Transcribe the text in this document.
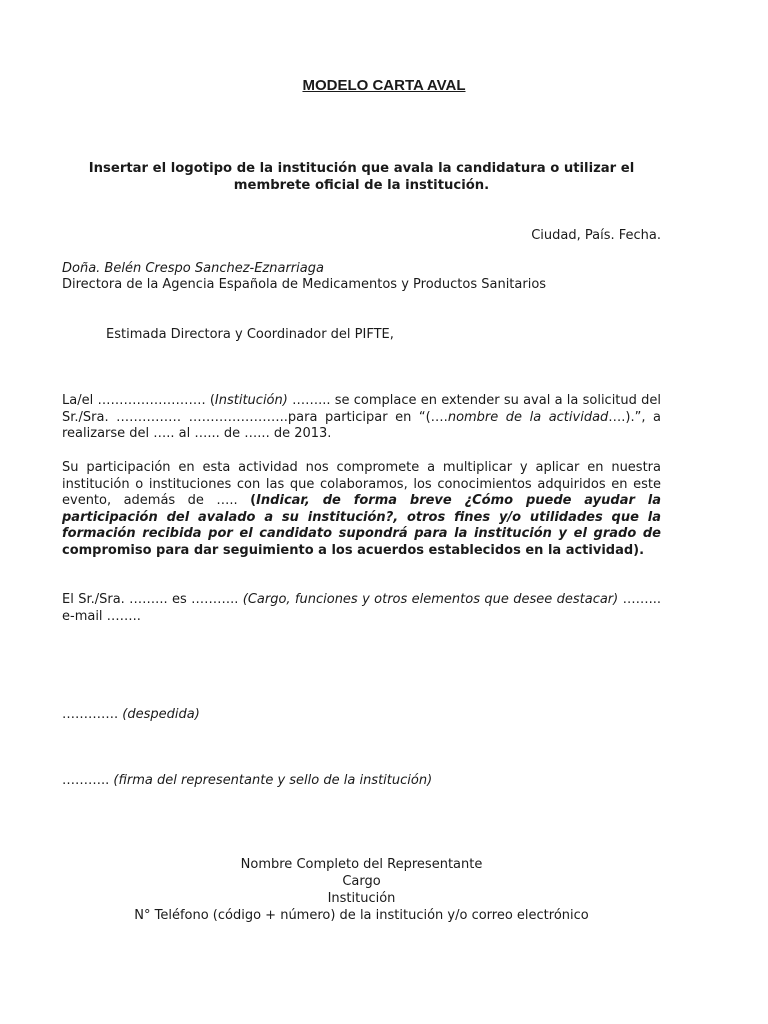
MODELO CARTA AVAL
Insertar el logotipo de la institución que avala la candidatura o utilizar el membrete oficial de la institución.
Ciudad, País. Fecha.
Doña. Belén Crespo Sanchez-Eznarriaga
Directora de la Agencia Española de Medicamentos y Productos Sanitarios
Estimada Directora y Coordinador del PIFTE,
La/el ……………………. (Institución) ……... se complace en extender su aval a la solicitud del Sr./Sra. …………… …………………..para participar en “(….nombre de la actividad….).”, a realizarse del ….. al …... de …... de 2013.
Su participación en esta actividad nos compromete a multiplicar y aplicar en nuestra institución o instituciones con las que colaboramos, los conocimientos adquiridos en este evento, además de ….. (Indicar, de forma breve ¿Cómo puede ayudar la participación del avalado a su institución?, otros fines y/o utilidades que la formación recibida por el candidato supondrá para la institución y el grado de compromiso para dar seguimiento a los acuerdos establecidos en la actividad).
El Sr./Sra. ……... es ……….. (Cargo, funciones y otros elementos que desee destacar) ……... e-mail ……..
…………. (despedida)
……….. (firma del representante y sello de la institución)
Nombre Completo del Representante
Cargo
Institución
N° Teléfono (código + número) de la institución y/o correo electrónico
